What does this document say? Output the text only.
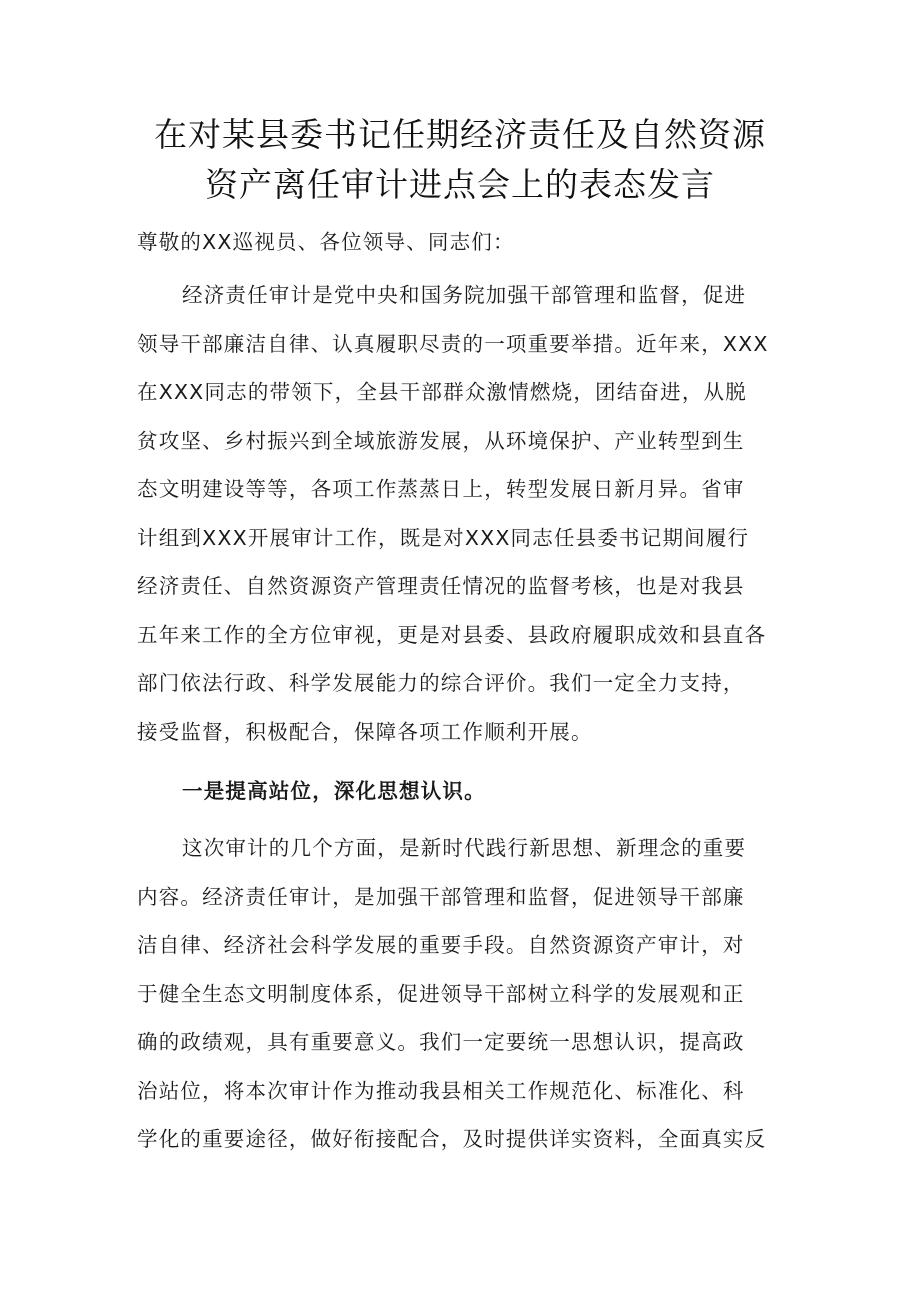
在对某县委书记任期经济责任及自然资源
资产离任审计进点会上的表态发言

尊敬的XX巡视员、各位领导、同志们：

经济责任审计是党中央和国务院加强干部管理和监督，促进
领导干部廉洁自律、认真履职尽责的一项重要举措。近年来，XXX
在XXX同志的带领下，全县干部群众激情燃烧，团结奋进，从脱
贫攻坚、乡村振兴到全域旅游发展，从环境保护、产业转型到生
态文明建设等等，各项工作蒸蒸日上，转型发展日新月异。省审
计组到XXX开展审计工作，既是对XXX同志任县委书记期间履行
经济责任、自然资源资产管理责任情况的监督考核，也是对我县
五年来工作的全方位审视，更是对县委、县政府履职成效和县直各
部门依法行政、科学发展能力的综合评价。我们一定全力支持，
接受监督，积极配合，保障各项工作顺利开展。

一是提高站位，深化思想认识。

这次审计的几个方面，是新时代践行新思想、新理念的重要
内容。经济责任审计，是加强干部管理和监督，促进领导干部廉
洁自律、经济社会科学发展的重要手段。自然资源资产审计，对
于健全生态文明制度体系，促进领导干部树立科学的发展观和正
确的政绩观，具有重要意义。我们一定要统一思想认识，提高政
治站位，将本次审计作为推动我县相关工作规范化、标准化、科
学化的重要途径，做好衔接配合，及时提供详实资料，全面真实反
